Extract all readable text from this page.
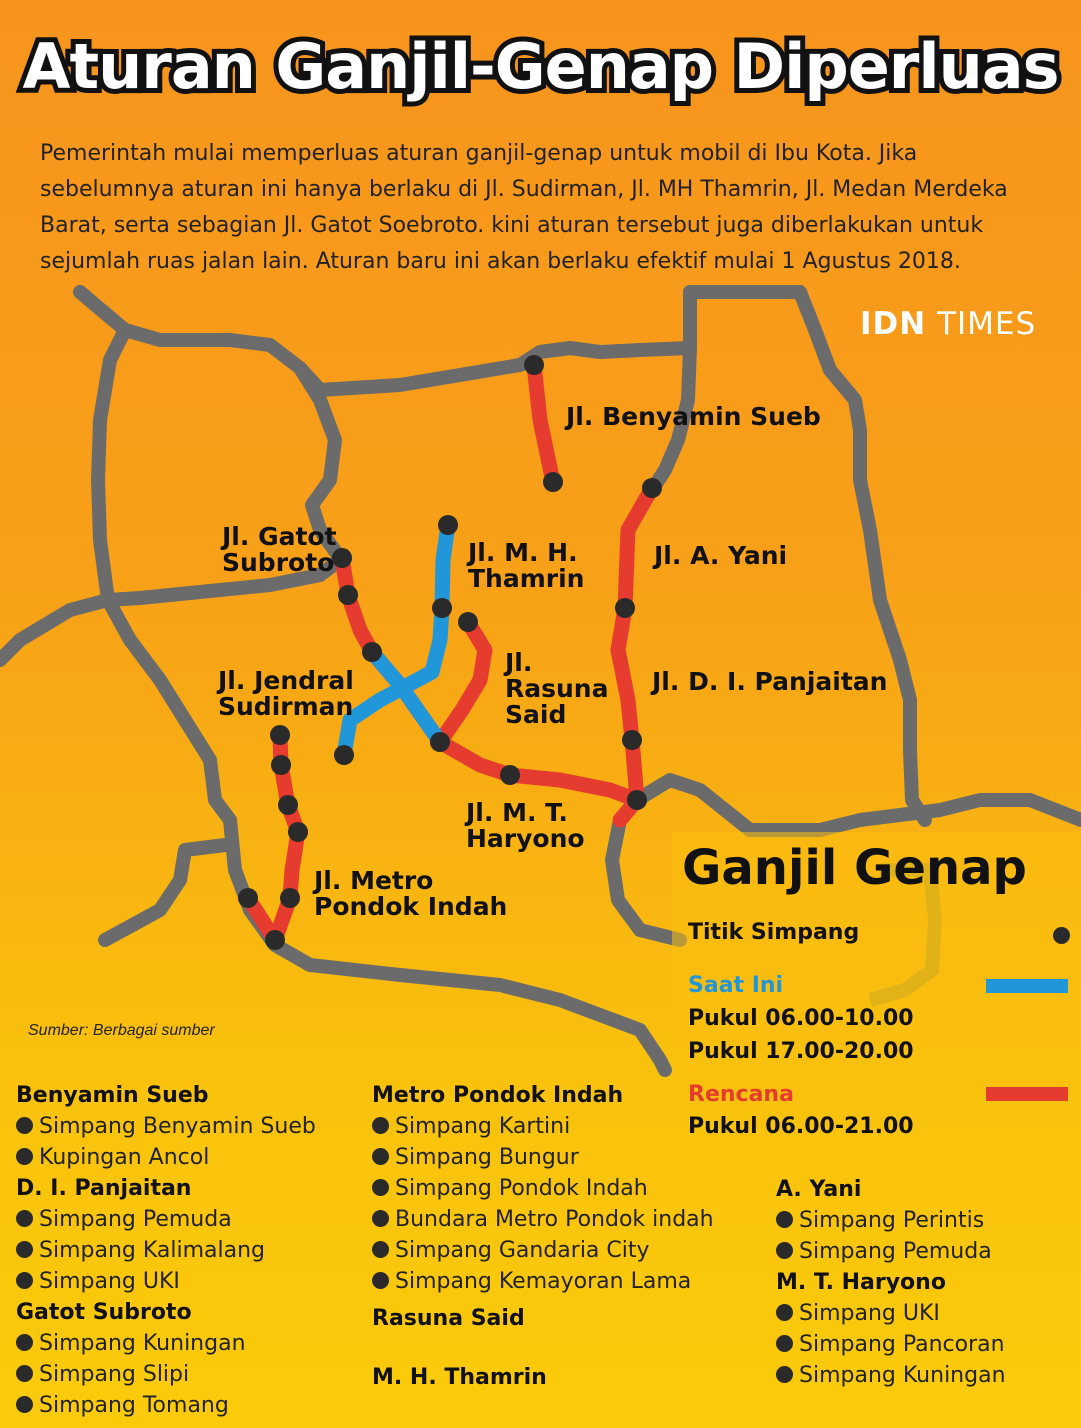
Aturan Ganjil-Genap Diperluas
Pemerintah mulai memperluas aturan ganjil-genap untuk mobil di Ibu Kota. Jika sebelumnya aturan ini hanya berlaku di Jl. Sudirman, Jl. MH Thamrin, Jl. Medan Merdeka Barat, serta sebagian Jl. Gatot Soebroto. kini aturan tersebut juga diberlakukan untuk sejumlah ruas jalan lain. Aturan baru ini akan berlaku efektif mulai 1 Agustus 2018.
IDN TIMES
Jl. Benyamin Sueb
Jl. Gatot
Subroto	Jl. M. H.
Thamrin
Jl. A. Yani
Jl.
Rasuna
Said
Jl. D. I. Panjaitan
Jl. Jendral
Sudirman
Jl. M. T.
Haryono
Jl. Metro
Pondok Indah
Sumber: Berbagai sumber
Ganjil Genap
Titik Simpang
Saat Ini
Pukul 06.00-10.00
Pukul 17.00-20.00
Rencana
Pukul 06.00-21.00
Benyamin Sueb
Simpang Benyamin Sueb
Kupingan Ancol
D. I. Panjaitan
Simpang Pemuda
Simpang Kalimalang
Simpang UKI
Gatot Subroto
Simpang Kuningan
Simpang Slipi
Simpang Tomang
Metro Pondok Indah
Simpang Kartini
Simpang Bungur
Simpang Pondok Indah
Bundara Metro Pondok indah
Simpang Gandaria City
Simpang Kemayoran Lama
Rasuna Said
M. H. Thamrin
A. Yani
Simpang Perintis
Simpang Pemuda
M. T. Haryono
Simpang UKI
Simpang Pancoran
Simpang Kuningan
